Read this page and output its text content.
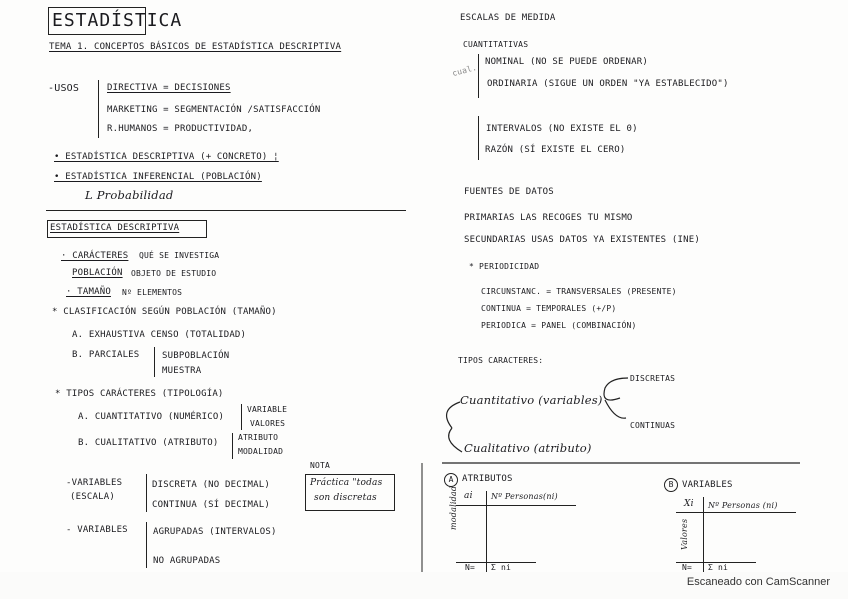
ESTADÍSTICA
TEMA 1. CONCEPTOS BÁSICOS DE ESTADÍSTICA DESCRIPTIVA
-USOS	DIRECTIVA = DECISIONES
MARKETING = SEGMENTACIÓN /SATISFACCIÓN
R.HUMANOS = PRODUCTIVIDAD,
• ESTADÍSTICA DESCRIPTIVA (+ CONCRETO) ¦
• ESTADÍSTICA INFERENCIAL (POBLACIÓN)
L Probabilidad
ESTADÍSTICA DESCRIPTIVA
· CARÁCTERES QUÉ SE INVESTIGA
POBLACIÓN OBJETO DE ESTUDIO
· TAMAÑO Nº ELEMENTOS
* CLASIFICACIÓN SEGÚN POBLACIÓN (TAMAÑO)
A. EXHAUSTIVA CENSO (TOTALIDAD)
B. PARCIALES	SUBPOBLACIÓN
MUESTRA
* TIPOS CARÁCTERES (TIPOLOGÍA)
A. CUANTITATIVO (NUMÉRICO)
VARIABLE
VALORES
B. CUALITATIVO (ATRIBUTO)
ATRIBUTO
MODALIDAD
NOTA
Práctica "todas
son discretas
-VARIABLES
(ESCALA)
DISCRETA (NO DECIMAL)
CONTINUA (SÍ DECIMAL)
- VARIABLES	AGRUPADAS (INTERVALOS)
NO AGRUPADAS
ESCALAS DE MEDIDA
CUANTITATIVAS
cual.
NOMINAL (NO SE PUEDE ORDENAR)
ORDINARIA (SIGUE UN ORDEN "YA ESTABLECIDO")
INTERVALOS (NO EXISTE EL 0)
RAZÓN (SÍ EXISTE EL CERO)
FUENTES DE DATOS
PRIMARIAS LAS RECOGES TU MISMO
SECUNDARIAS USAS DATOS YA EXISTENTES (INE)
* PERIODICIDAD
CIRCUNSTANC. = TRANSVERSALES (PRESENTE)
CONTINUA = TEMPORALES (+/P)
PERIODICA = PANEL (COMBINACIÓN)
TIPOS CARACTERES:
Cuantitativo (variables)
DISCRETAS
CONTINUAS
Cualitativo (atributo)
A ATRIBUTOS
ai Nº Personas(ni)
modalidad
N= Σ ni
B VARIABLES
Xi Nº Personas (ni)
Valores
N= Σ ni
Escaneado con CamScanner
